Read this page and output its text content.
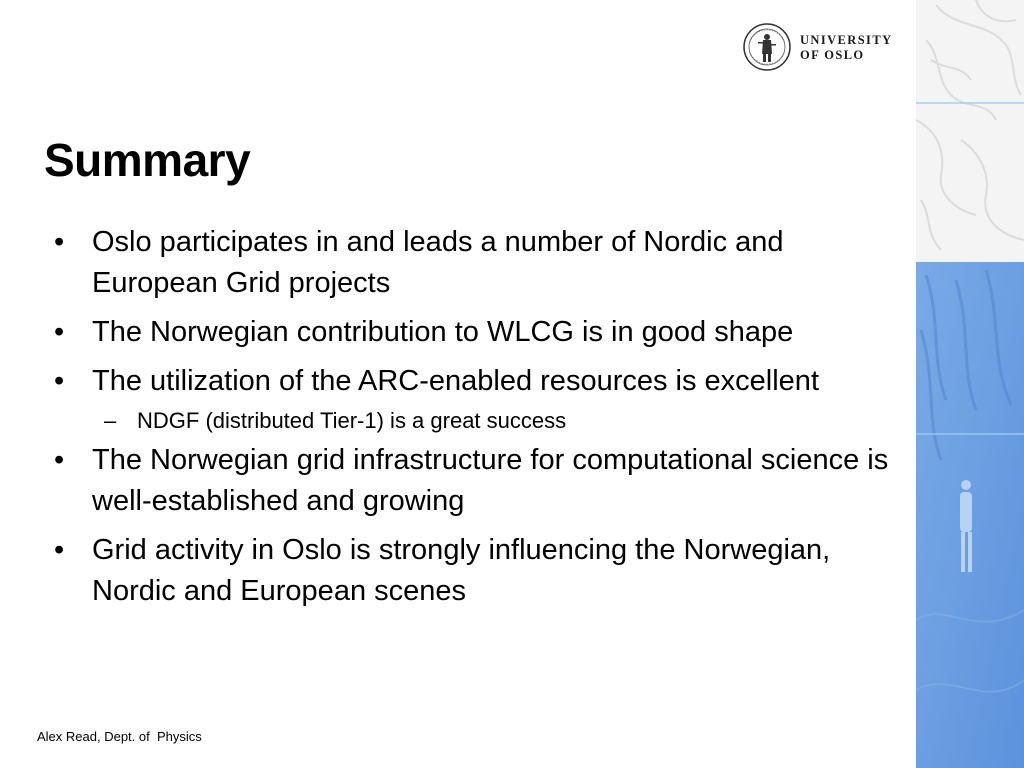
UNIVERSITY
OF OSLO
Summary
• Oslo participates in and leads a number of Nordic and European Grid projects
• The Norwegian contribution to WLCG is in good shape
• The utilization of the ARC-enabled resources is excellent
– NDGF (distributed Tier-1) is a great success
• The Norwegian grid infrastructure for computational science is well-established and growing
• Grid activity in Oslo is strongly influencing the Norwegian, Nordic and European scenes
Alex Read, Dept. of  Physics
